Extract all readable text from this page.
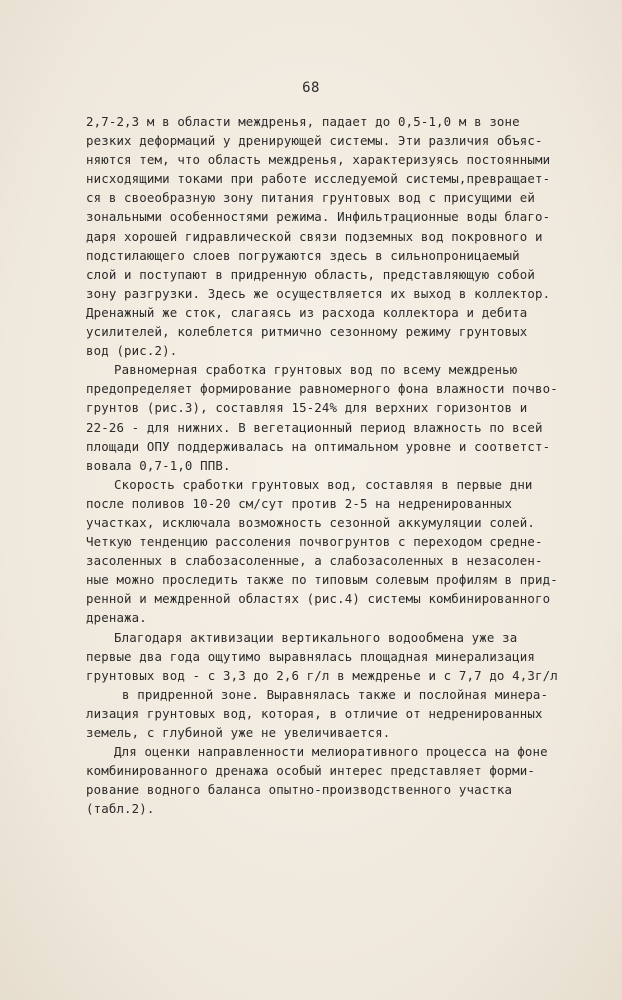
68
2,7-2,3 м в области междренья, падает до 0,5-1,0 м в зоне
резких деформаций у дренирующей системы. Эти различия объяс-
няются тем, что область междренья, характеризуясь постоянными
нисходящими токами при работе исследуемой системы,превращает-
ся в своеобразную зону питания грунтовых вод с присущими ей
зональными особенностями режима. Инфильтрационные воды благо-
даря хорошей гидравлической связи подземных вод покровного и
подстилающего слоев погружаются здесь в сильнопроницаемый
слой и поступают в придренную область, представляющую собой
зону разгрузки. Здесь же осуществляется их выход в коллектор.
Дренажный же сток, слагаясь из расхода коллектора и дебита
усилителей, колеблется ритмично сезонному режиму грунтовых
вод (рис.2).
Равномерная сработка грунтовых вод по всему междренью
предопределяет формирование равномерного фона влажности почво-
грунтов (рис.3), составляя 15-24% для верхних горизонтов и
22-26 - для нижних. В вегетационный период влажность по всей
площади ОПУ поддерживалась на оптимальном уровне и соответст-
вовала 0,7-1,0 ППВ.
Скорость сработки грунтовых вод, составляя в первые дни
после поливов 10-20 см/сут против 2-5 на недренированных
участках, исключала возможность сезонной аккумуляции солей.
Четкую тенденцию рассоления почвогрунтов с переходом средне-
засоленных в слабозасоленные, а слабозасоленных в незасолен-
ные можно проследить также по типовым солевым профилям в прид-
ренной и междренной областях (рис.4) системы комбинированного
дренажа.
Благодаря активизации вертикального водообмена уже за
первые два года ощутимо выравнялась площадная минерализация
грунтовых вод - с 3,3 до 2,6 г/л в междренье и с 7,7 до 4,3г/л
в придренной зоне. Выравнялась также и послойная минера-
лизация грунтовых вод, которая, в отличие от недренированных
земель, с глубиной уже не увеличивается.
Для оценки направленности мелиоративного процесса на фоне
комбинированного дренажа особый интерес представляет форми-
рование водного баланса опытно-производственного участка
(табл.2).
